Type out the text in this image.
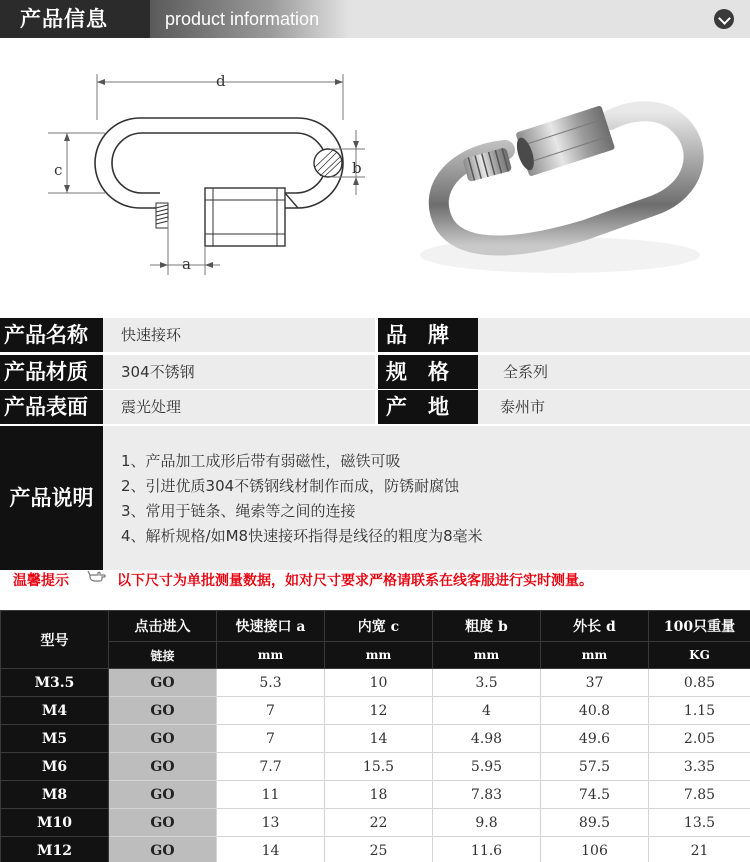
产品信息	product information
d
b
c
a
产品名称	快速接环	品　牌
产品材质	304不锈钢	规　格	全系列
产品表面	震光处理	产　地	泰州市
产品说明
1、产品加工成形后带有弱磁性，磁铁可吸
2、引进优质304不锈钢线材制作而成，防锈耐腐蚀
3、常用于链条、绳索等之间的连接
4、解析规格/如M8快速接环指得是线径的粗度为8毫米
温馨提示	以下尺寸为单批测量数据，如对尺寸要求严格请联系在线客服进行实时测量。
型号	点击进入	快速接口 a	内宽 c	粗度 b	外长 d	100只重量
	链接	mm	mm	mm	mm	KG
M3.5	GO	5.3	10	3.5	37	0.85
M4	GO	7	12	4	40.8	1.15
M5	GO	7	14	4.98	49.6	2.05
M6	GO	7.7	15.5	5.95	57.5	3.35
M8	GO	11	18	7.83	74.5	7.85
M10	GO	13	22	9.8	89.5	13.5
M12	GO	14	25	11.6	106	21
